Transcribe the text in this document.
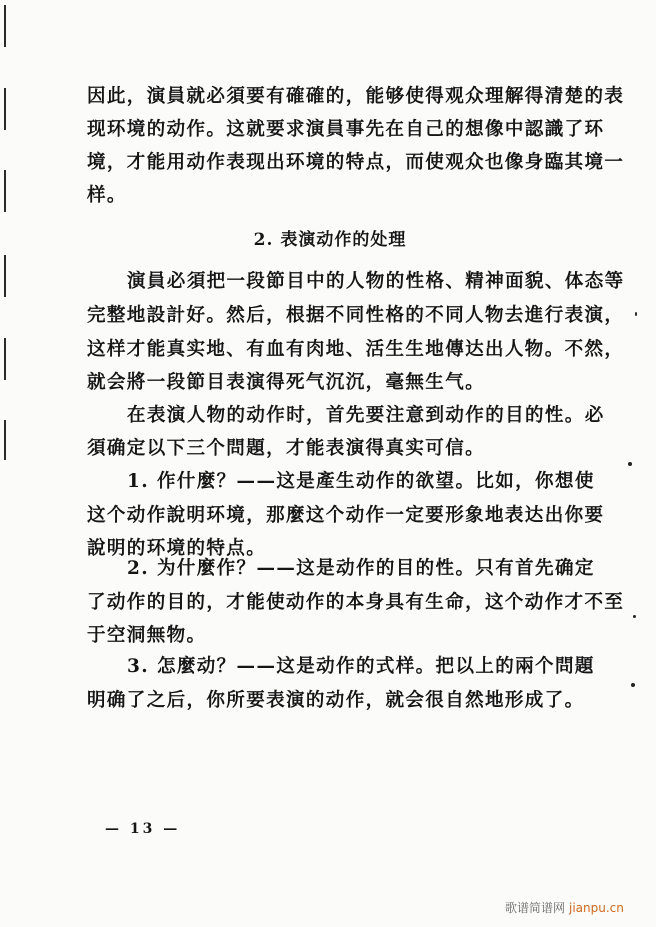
因此，演員就必須要有確確的，能够使得观众理解得清楚的表
现环境的动作。这就要求演員事先在自己的想像中認識了环
境，才能用动作表现出环境的特点，而使观众也像身臨其境一
样。
2. 表演动作的处理
演員必須把一段節目中的人物的性格、精神面貌、体态等
完整地設計好。然后，根据不同性格的不同人物去進行表演，
这样才能真实地、有血有肉地、活生生地傳达出人物。不然，
就会將一段節目表演得死气沉沉，毫無生气。
在表演人物的动作时，首先要注意到动作的目的性。必
須确定以下三个問題，才能表演得真实可信。
1. 作什麼？——这是產生动作的欲望。比如，你想使
这个动作說明环境，那麼这个动作一定要形象地表达出你要
說明的环境的特点。
2. 为什麼作？——这是动作的目的性。只有首先确定
了动作的目的，才能使动作的本身具有生命，这个动作才不至
于空洞無物。
3. 怎麼动？——这是动作的式样。把以上的兩个問題
明确了之后，你所要表演的动作，就会很自然地形成了。
— 13 —
歌谱简谱网 jianpu.cn
